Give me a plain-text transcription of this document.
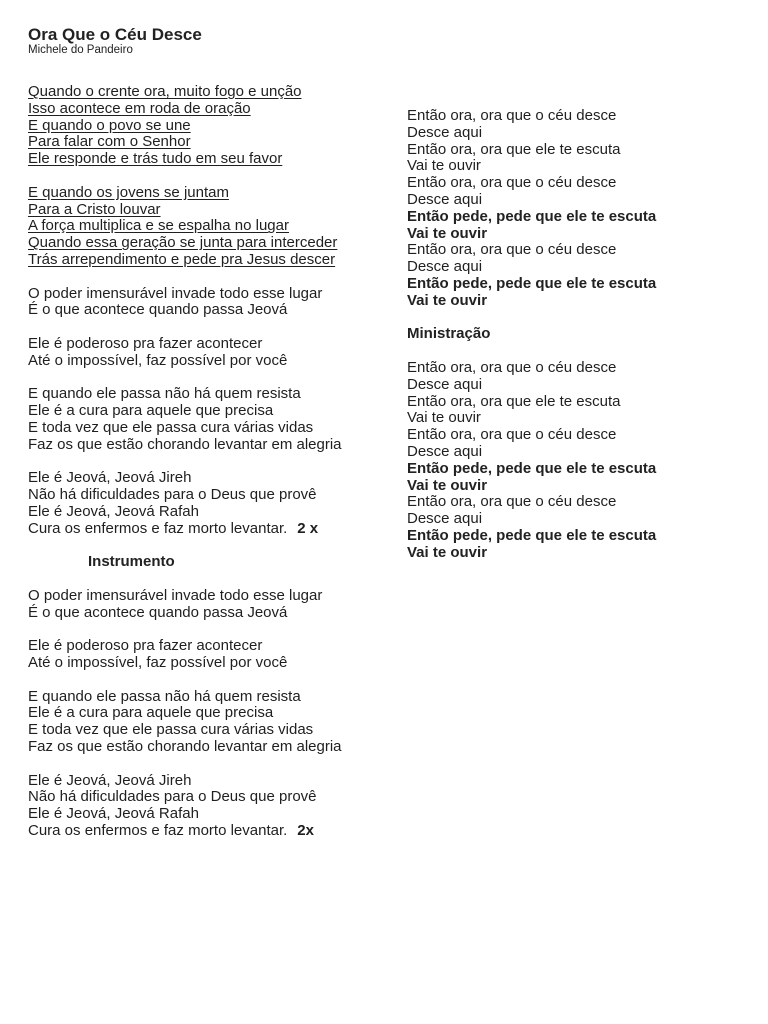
Ora Que o Céu Desce
Michele do Pandeiro
Quando o crente ora, muito fogo e unção
Isso acontece em roda de oração
E quando o povo se une
Para falar com o Senhor
Ele responde e trás tudo em seu favor
E quando os jovens se juntam
Para a Cristo louvar
A força multiplica e se espalha no lugar
Quando essa geração se junta para interceder
Trás arrependimento e pede pra Jesus descer
O poder imensurável invade todo esse lugar
É o que acontece quando passa Jeová
Ele é poderoso pra fazer acontecer
Até o impossível, faz possível por você
E quando ele passa não há quem resista
Ele é a cura para aquele que precisa
E toda vez que ele passa cura várias vidas
Faz os que estão chorando levantar em alegria
Ele é Jeová, Jeová Jireh
Não há dificuldades para o Deus que provê
Ele é Jeová, Jeová Rafah
Cura os enfermos e faz morto levantar. 2 x
Instrumento
O poder imensurável invade todo esse lugar
É o que acontece quando passa Jeová
Ele é poderoso pra fazer acontecer
Até o impossível, faz possível por você
E quando ele passa não há quem resista
Ele é a cura para aquele que precisa
E toda vez que ele passa cura várias vidas
Faz os que estão chorando levantar em alegria
Ele é Jeová, Jeová Jireh
Não há dificuldades para o Deus que provê
Ele é Jeová, Jeová Rafah
Cura os enfermos e faz morto levantar. 2x
Então ora, ora que o céu desce
Desce aqui
Então ora, ora que ele te escuta
Vai te ouvir
Então ora, ora que o céu desce
Desce aqui
Então pede, pede que ele te escuta
Vai te ouvir
Então ora, ora que o céu desce
Desce aqui
Então pede, pede que ele te escuta
Vai te ouvir
Ministração
Então ora, ora que o céu desce
Desce aqui
Então ora, ora que ele te escuta
Vai te ouvir
Então ora, ora que o céu desce
Desce aqui
Então pede, pede que ele te escuta
Vai te ouvir
Então ora, ora que o céu desce
Desce aqui
Então pede, pede que ele te escuta
Vai te ouvir
